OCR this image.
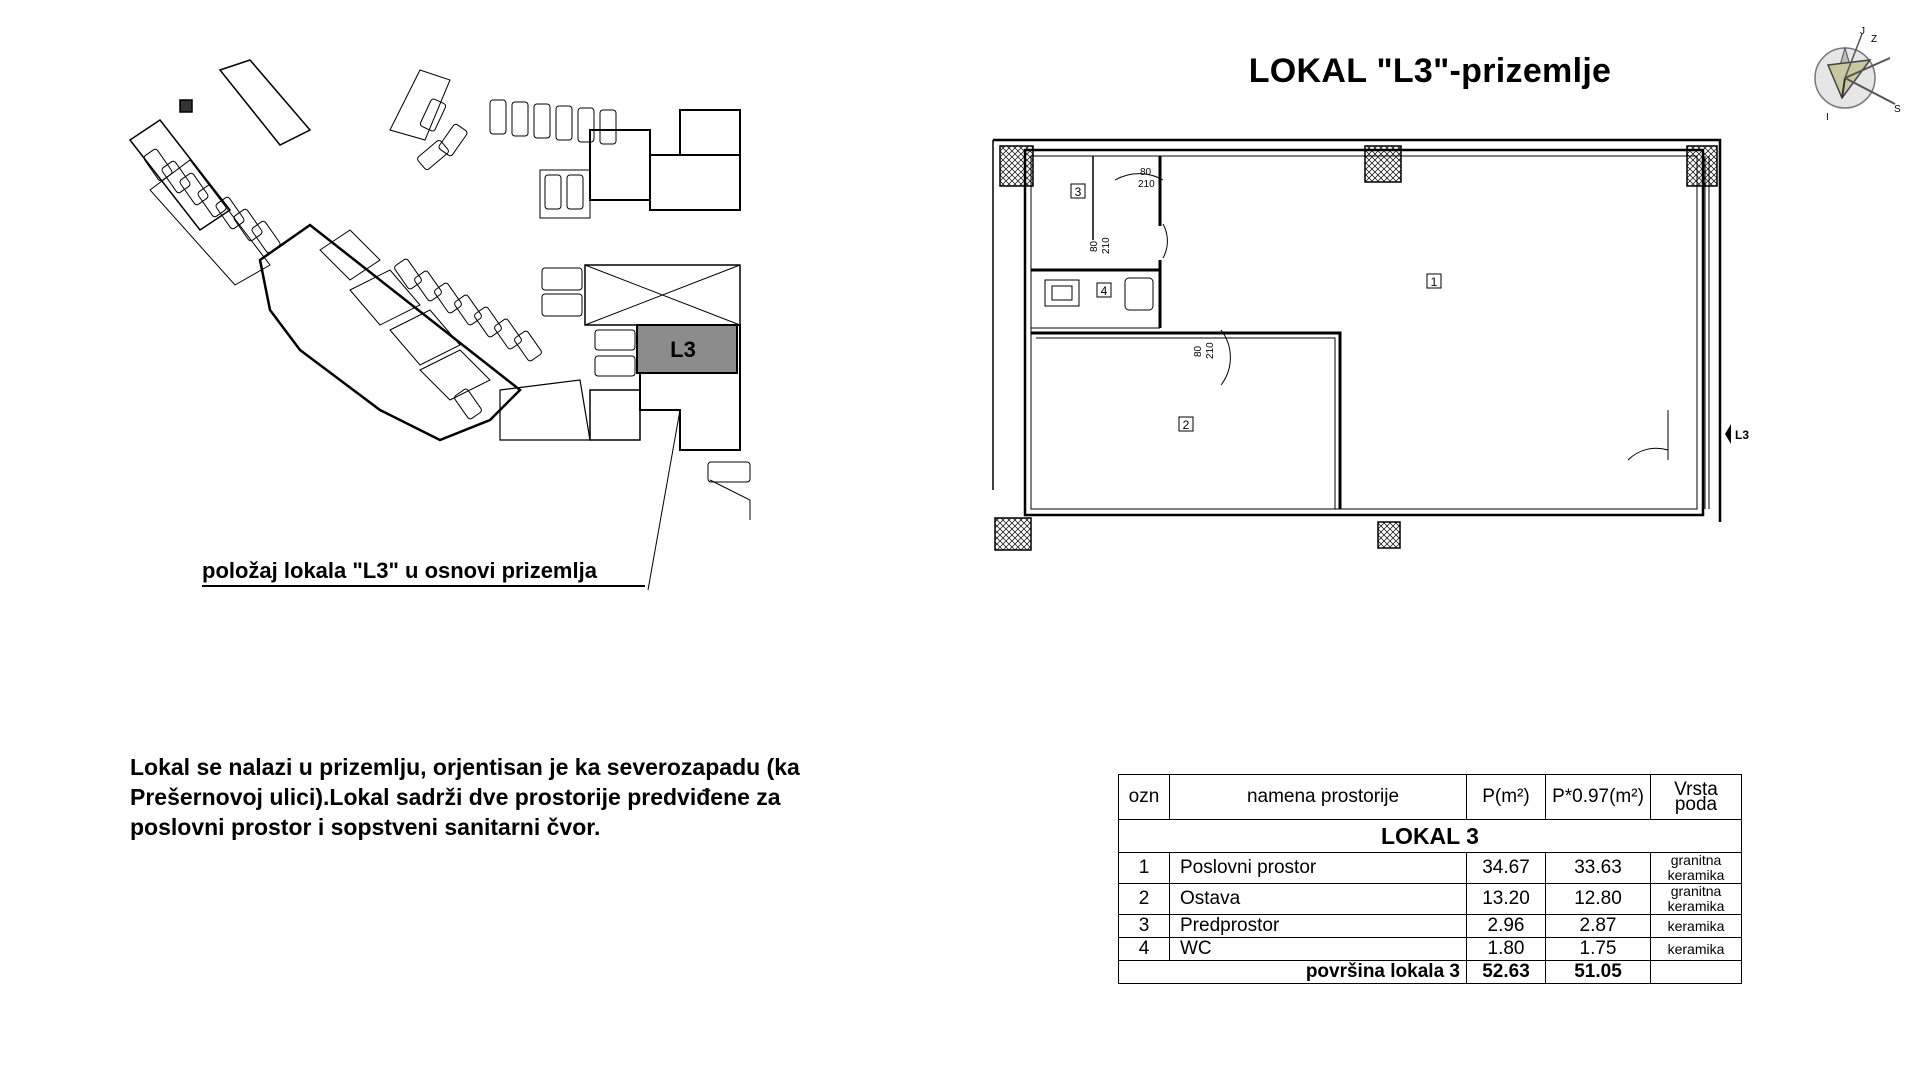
LOKAL "L3"-prizemlje
J
S
I
Z
L3
položaj lokala "L3" u osnovi prizemlja
1
2
3
4
80
210
80 210
80 210
L3
Lokal se nalazi u prizemlju, orjentisan je ka severozapadu (ka Prešernovoj ulici).Lokal sadrži dve prostorije predviđene za poslovni prostor i sopstveni sanitarni čvor.
ozn	namena prostorije	P(m²)	P*0.97(m²)	Vrsta poda
LOKAL 3				
1	Poslovni prostor	34.67	33.63	granitna keramika
2	Ostava	13.20	12.80	granitna keramika
3	Predprostor	2.96	2.87	keramika
4	WC	1.80	1.75	keramika
površina lokala 3		52.63	51.05	
